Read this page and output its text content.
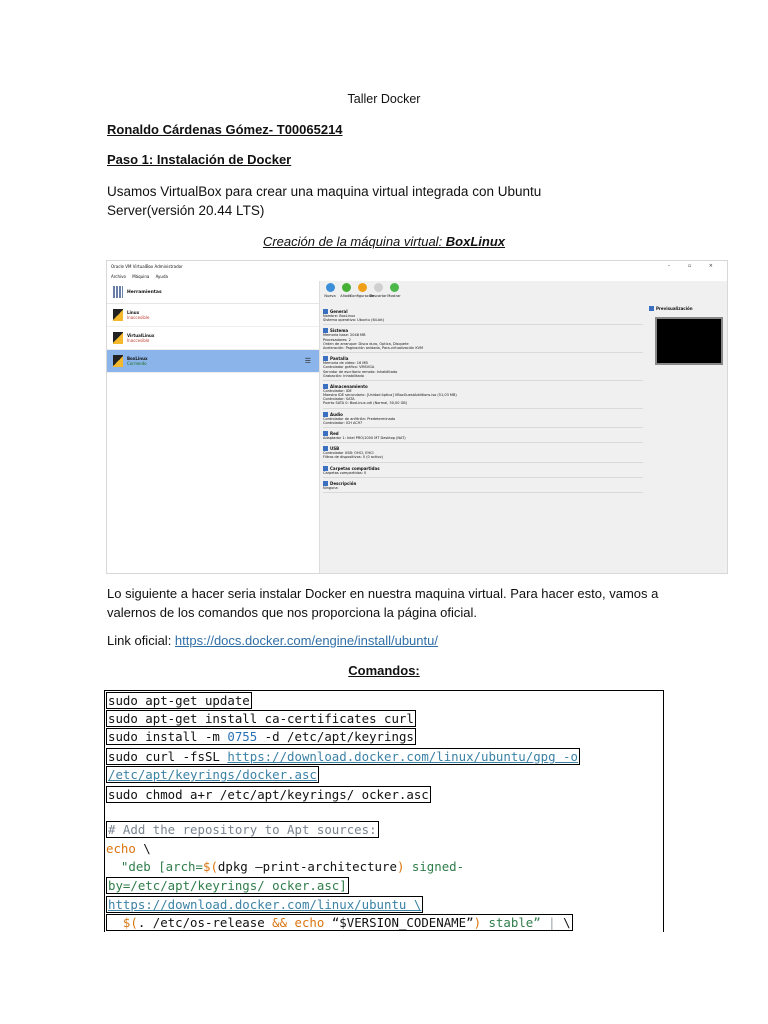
Taller Docker
Ronaldo Cárdenas Gómez- T00065214
Paso 1: Instalación de Docker
Usamos VirtualBox para crear una maquina virtual integrada con Ubuntu Server(versión 20.44 LTS)
Creación de la máquina virtual: BoxLinux
Oracle VM VirtualBox Administrador	– ▫ ×
Archivo Máquina Ayuda
Herramientas
Linux
Inaccesible
VirtualLinux
Inaccesible
BoxLinux
Corriendo	☰
Nueva Añadir
Configuración
Descartar Mostrar
General
Nombre: BoxLinux
Sistema operativo: Ubuntu (64-bit)
Sistema
Memoria base: 2048 MB
Procesadores: 2
Orden de arranque: Disco duro, Óptica, Disquete
Aceleración: Paginación anidada, Para-virtualización KVM
Pantalla
Memoria de vídeo: 16 MB
Controlador gráfico: VMSVGA
Servidor de escritorio remoto: Inhabilitado
Grabación: Inhabilitado
Almacenamiento
Controlador: IDE
Maestro IDE secundario: [Unidad óptica] VBoxGuestAdditions.iso (51,03 MB)
Controlador: SATA
Puerto SATA 0: BoxLinux.vdi (Normal, 50,00 GB)
Audio
Controlador de anfitrión: Predeterminado
Controlador: ICH AC97
Red
Adaptador 1: Intel PRO/1000 MT Desktop (NAT)
USB
Controlador USB: OHCI, EHCI
Filtros de dispositivos: 0 (0 activo)
Carpetas compartidas
Carpetas compartidas: 0
Descripción
Ninguna
Previsualización
Lo siguiente a hacer seria instalar Docker en nuestra maquina virtual. Para hacer esto, vamos a valernos de los comandos que nos proporciona la página oficial.
Link oficial: https://docs.docker.com/engine/install/ubuntu/
Comandos:
sudo apt-get update
sudo apt-get install ca-certificates curl
sudo install -m 0755 -d /etc/apt/keyrings
sudo curl -fsSL https://download.docker.com/linux/ubuntu/gpg -o
/etc/apt/keyrings/docker.asc
sudo chmod a+r /etc/apt/keyrings/ ocker.asc
# Add the repository to Apt sources:
echo \
"deb [arch=$(dpkg –print-architecture) signed-
by=/etc/apt/keyrings/ ocker.asc]
https://download.docker.com/linux/ubuntu \
$(. /etc/os-release && echo “$VERSION_CODENAME”) stable” | \
